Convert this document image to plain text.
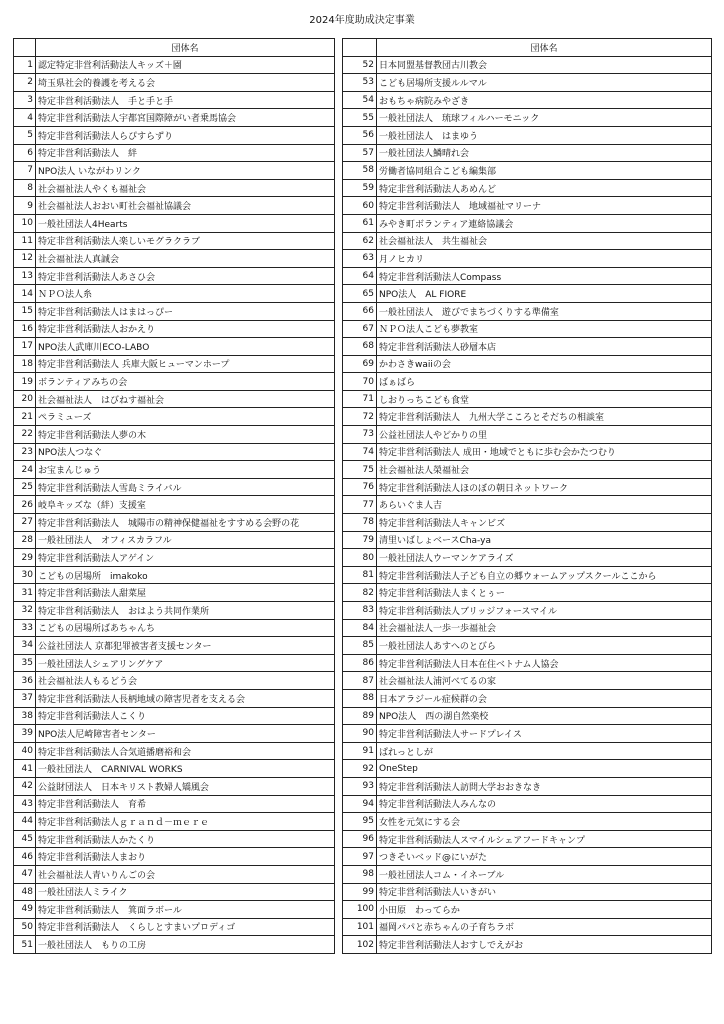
2024年度助成決定事業
	団体名
1	認定特定非営利活動法人キッズ＋園
2	埼玉県社会的養護を考える会
3	特定非営利活動法人　手と手と手
4	特定非営利活動法人宇都宮国際障がい者乗馬協会
5	特定非営利活動法人らぴすらずり
6	特定非営利活動法人　絆
7	NPO法人 いながわリンク
8	社会福祉法人やくも福祉会
9	社会福祉法人おおい町社会福祉協議会
10	一般社団法人4Hearts
11	特定非営利活動法人楽しいモグラクラブ
12	社会福祉法人真誠会
13	特定非営利活動法人あさひ会
14	ＮＰＯ法人糸
15	特定非営利活動法人はまはっぴー
16	特定非営利活動法人おかえり
17	NPO法人武庫川ECO-LABO
18	特定非営利活動法人 兵庫大阪ヒューマンホープ
19	ボランティアみちの会
20	社会福祉法人　はびねす福祉会
21	ペラミューズ
22	特定非営利活動法人夢の木
23	NPO法人つなぐ
24	お宝まんじゅう
25	特定非営利活動法人雪島ミライバル
26	岐阜キッズな（絆）支援室
27	特定非営利活動法人　城陽市の精神保健福祉をすすめる会野の花
28	一般社団法人　オフィスカラフル
29	特定非営利活動法人アゲイン
30	こどもの居場所　imakoko
31	特定非営利活動法人甜菜屋
32	特定非営利活動法人　おはよう共同作業所
33	こどもの居場所ばあちゃんち
34	公益社団法人 京都犯罪被害者支援センター
35	一般社団法人シェアリングケア
36	社会福祉法人もるどう会
37	特定非営利活動法人長柄地域の障害児者を支える会
38	特定非営利活動法人こくり
39	NPO法人尼崎障害者センター
40	特定非営利活動法人合気道播磨裕和会
41	一般社団法人　CARNIVAL WORKS
42	公益財団法人　日本キリスト教婦人矯風会
43	特定非営利活動法人　育希
44	特定非営利活動法人ｇｒａｎｄ－ｍｅｒｅ
45	特定非営利活動法人かたくり
46	特定非営利活動法人まおり
47	社会福祉法人青いりんごの会
48	一般社団法人ミライク
49	特定非営利活動法人　箕面ラボール
50	特定非営利活動法人　くらしとすまいプロディゴ
51	一般社団法人　もりの工房
	団体名
52	日本同盟基督教団古川教会
53	こども居場所支援ルルマル
54	おもちゃ病院みやざき
55	一般社団法人　琉球フィルハーモニック
56	一般社団法人　はまゆう
57	一般社団法人鱗晴れ会
58	労働者協同組合こども編集部
59	特定非営利活動法人あめんど
60	特定非営利活動法人　地域福祉マリーナ
61	みやき町ボランティア連絡協議会
62	社会福祉法人　共生福祉会
63	月ノヒカリ
64	特定非営利活動法人Compass
65	NPO法人　AL FIORE
66	一般社団法人　遊びでまちづくりする準備室
67	ＮＰＯ法人こども夢教室
68	特定非営利活動法人砂層本店
69	かわさきwaiiの会
70	ばぁばら
71	しおりっちこども食堂
72	特定非営利活動法人　九州大学こころとそだちの相談室
73	公益社団法人やどかりの里
74	特定非営利活動法人 成田・地域でともに歩む会かたつむり
75	社会福祉法人榮福祉会
76	特定非営利活動法人ほのぼの朝日ネットワーク
77	あらいぐま人吉
78	特定非営利活動法人キャンビズ
79	清里いばしょベースCha-ya
80	一般社団法人ウーマンケアライズ
81	特定非営利活動法人子ども自立の郷ウォームアップスクールここから
82	特定非営利活動法人まくとぅー
83	特定非営利活動法人ブリッジフォースマイル
84	社会福祉法人一歩一歩福祉会
85	一般社団法人あすへのとびら
86	特定非営利活動法人日本在住ベトナム人協会
87	社会福祉法人浦河べてるの家
88	日本アラジール症候群の会
89	NPO法人　西の湖自然楽校
90	特定非営利活動法人サードプレイス
91	ぱれっとしが
92	OneStep
93	特定非営利活動法人訪問大学おおきなき
94	特定非営利活動法人みんなの
95	女性を元気にする会
96	特定非営利活動法人スマイルシェアフードキャンプ
97	つきそいベッド@にいがた
98	一般社団法人コム・イネーブル
99	特定非営利活動法人いきがい
100	小田原　わってらか
101	福岡パパと赤ちゃんの子育ちラボ
102	特定非営利活動法人おすしでえがお
